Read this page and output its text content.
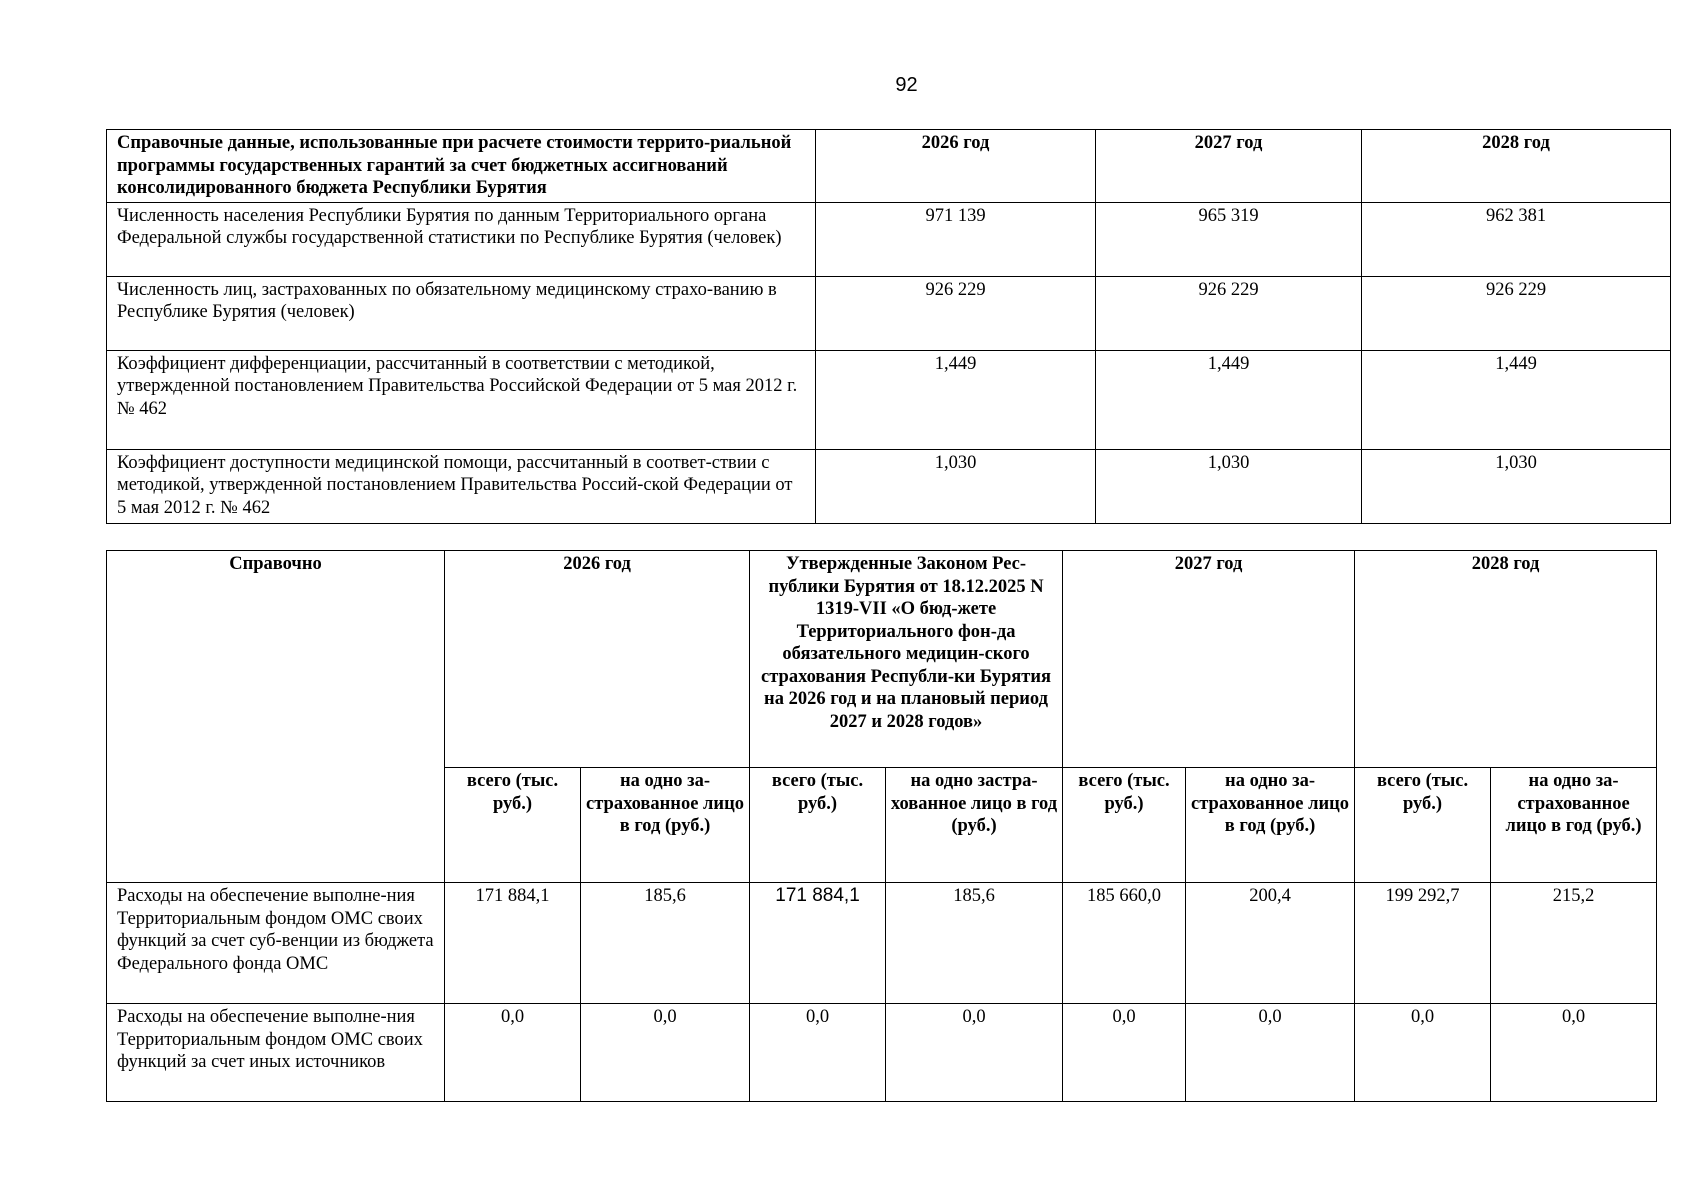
92
Справочные данные, использованные при расчете стоимости террито-риальной программы государственных гарантий за счет бюджетных ассигнований консолидированного бюджета Республики Бурятия	2026 год	2027 год	2028 год
Численность населения Республики Бурятия по данным Территориального органа Федеральной службы государственной статистики по Республике Бурятия (человек)	971 139	965 319	962 381
Численность лиц, застрахованных по обязательному медицинскому страхо-ванию в Республике Бурятия (человек)	926 229	926 229	926 229
Коэффициент дифференциации, рассчитанный в соответствии с методикой, утвержденной постановлением Правительства Российской Федерации от 5 мая 2012 г. № 462	1,449	1,449	1,449
Коэффициент доступности медицинской помощи, рассчитанный в соответ-ствии с методикой, утвержденной постановлением Правительства Россий-ской Федерации от 5 мая 2012 г. № 462	1,030	1,030	1,030
Справочно	2026 год		Утвержденные Законом Рес-публики Бурятия от 18.12.2025 N 1319-VII «О бюд-жете Территориального фон-да обязательного медицин-ского страхования Республи-ки Бурятия на 2026 год и на плановый период 2027 и 2028 годов»		2027 год		2028 год	
	всего (тыс. руб.)	на одно за-страхованное лицо в год (руб.)	всего (тыс. руб.)	на одно застра-хованное лицо в год (руб.)	всего (тыс. руб.)	на одно за-страхованное лицо в год (руб.)	всего (тыс. руб.)	на одно за-страхованное лицо в год (руб.)
Расходы на обеспечение выполне-ния Территориальным фондом ОМС своих функций за счет суб-венции из бюджета Федерального фонда ОМС	171 884,1	185,6	171 884,1	185,6	185 660,0	200,4	199 292,7	215,2
Расходы на обеспечение выполне-ния Территориальным фондом ОМС своих функций за счет иных источников	0,0	0,0	0,0	0,0	0,0	0,0	0,0	0,0
